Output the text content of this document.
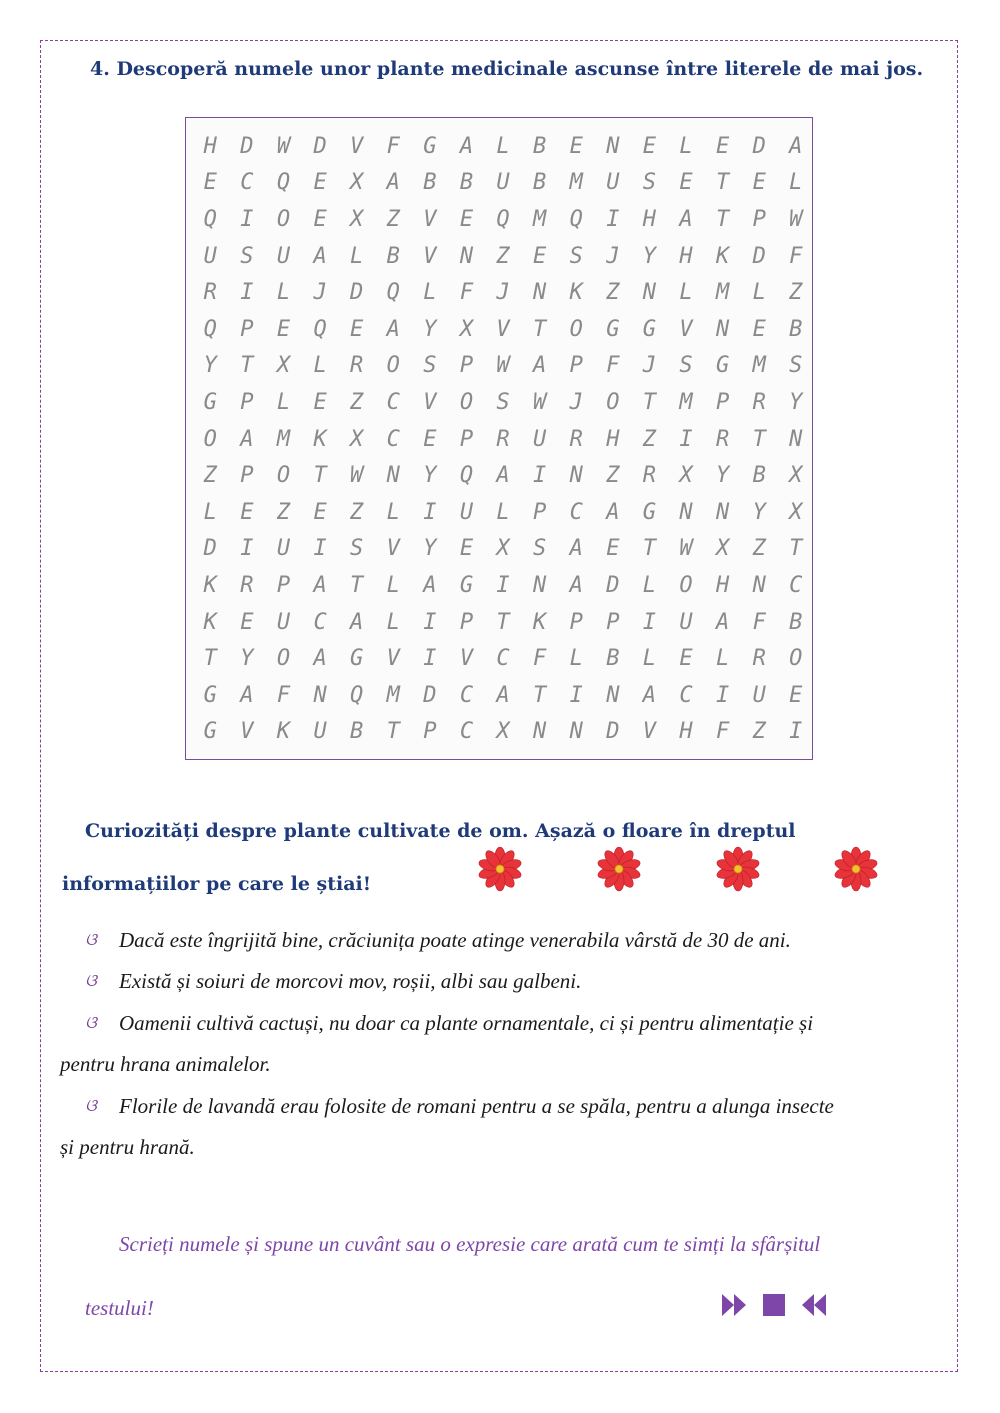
4. Descoperă numele unor plante medicinale ascunse între literele de mai jos.
H	D	W	D	V	F	G	A	L	B	E	N	E	L	E	D	A
E	C	Q	E	X	A	B	B	U	B	M	U	S	E	T	E	L
Q	I	O	E	X	Z	V	E	Q	M	Q	I	H	A	T	P	W
U	S	U	A	L	B	V	N	Z	E	S	J	Y	H	K	D	F
R	I	L	J	D	Q	L	F	J	N	K	Z	N	L	M	L	Z
Q	P	E	Q	E	A	Y	X	V	T	O	G	G	V	N	E	B
Y	T	X	L	R	O	S	P	W	A	P	F	J	S	G	M	S
G	P	L	E	Z	C	V	O	S	W	J	O	T	M	P	R	Y
O	A	M	K	X	C	E	P	R	U	R	H	Z	I	R	T	N
Z	P	O	T	W	N	Y	Q	A	I	N	Z	R	X	Y	B	X
L	E	Z	E	Z	L	I	U	L	P	C	A	G	N	N	Y	X
D	I	U	I	S	V	Y	E	X	S	A	E	T	W	X	Z	T
K	R	P	A	T	L	A	G	I	N	A	D	L	O	H	N	C
K	E	U	C	A	L	I	P	T	K	P	P	I	U	A	F	B
T	Y	O	A	G	V	I	V	C	F	L	B	L	E	L	R	O
G	A	F	N	Q	M	D	C	A	T	I	N	A	C	I	U	E
G	V	K	U	B	T	P	C	X	N	N	D	V	H	F	Z	I
Curiozități despre plante cultivate de om. Așază o floare în dreptul
informațiilor pe care le știai!
ଓ Dacă este îngrijită bine, crăciunița poate atinge venerabila vârstă de 30 de ani.
ଓ Există și soiuri de morcovi mov, roșii, albi sau galbeni.
ଓ Oamenii cultivă cactuși, nu doar ca plante ornamentale, ci și pentru alimentație și
pentru hrana animalelor.
ଓ Florile de lavandă erau folosite de romani pentru a se spăla, pentru a alunga insecte
și pentru hrană.
Scrieți numele și spune un cuvânt sau o expresie care arată cum te simți la sfârșitul
testului!
